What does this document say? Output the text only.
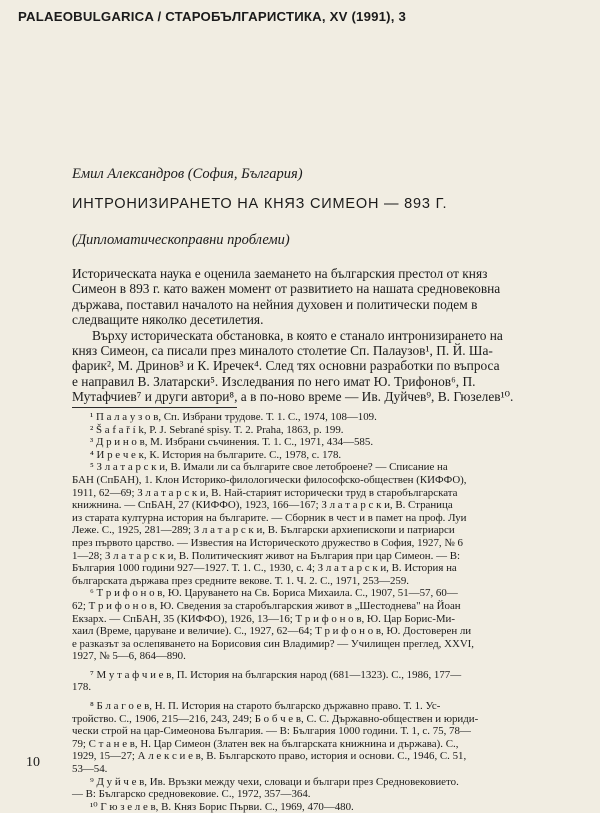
PALAEOBULGARICA / СТАРОБЪЛГАРИСТИКА, XV (1991), 3
Емил Александров (София, България)
ИНТРОНИЗИРАНЕТО НА КНЯЗ СИМЕОН — 893 Г.
(Дипломатическоправни проблеми)
Историческата наука е оценила заемането на българския престол от княз
Симеон в 893 г. като важен момент от развитието на нашата средновековна
държава, поставил началото на нейния духовен и политически подем в
следващите няколко десетилетия.
Върху историческата обстановка, в която е станало интронизирането на
княз Симеон, са писали през миналото столетие Сп. Палаузов¹, П. Й. Ша-
фарик², М. Дринов³ и К. Иречек⁴. След тях основни разработки по въпроса
е направил В. Златарски⁵. Изследвания по него имат Ю. Трифонов⁶, П.
Мутафчиев⁷ и други автори⁸, а в по-ново време — Ив. Дуйчев⁹, В. Гюзелев¹⁰.
¹ П а л а у з о в, Сп. Избрани трудове. Т. 1. С., 1974, 108—109.
² Š a f a ř í k, P. J. Sebrané spisy. T. 2. Praha, 1863, p. 199.
³ Д р и н о в, М. Избрани съчинения. Т. 1. С., 1971, 434—585.
⁴ И р е ч е к, К. История на българите. С., 1978, с. 178.
⁵ З л а т а р с к и, В. Имали ли са българите свое летоброене? — Списание на
БАН (СпБАН), 1. Клон Историко-филологически философско-обществен (КИФФО),
1911, 62—69; З л а т а р с к и, В. Най-старият исторически труд в старобългарската
книжнина. — СпБАН, 27 (КИФФО), 1923, 166—167; З л а т а р с к и, В. Страница
из старата културна история на българите. — Сборник в чест и в памет на проф. Луи
Леже. С., 1925, 281—289; З л а т а р с к и, В. Български архиепископи и патриарси
през първото царство. — Известия на Историческото дружество в София, 1927, № 6
1—28; З л а т а р с к и, В. Политическият живот на България при цар Симеон. — В:
България 1000 години 927—1927. Т. 1. С., 1930, с. 4; З л а т а р с к и, В. История на
българската държава през средните векове. Т. 1. Ч. 2. С., 1971, 253—259.
⁶ Т р и ф о н о в, Ю. Царуването на Св. Бориса Михаила. С., 1907, 51—57, 60—
62; Т р и ф о н о в, Ю. Сведения за старобългарския живот в „Шестоднева" на Йоан
Екзарх. — СпБАН, 35 (КИФФО), 1926, 13—16; Т р и ф о н о в, Ю. Цар Борис-Ми-
хаил (Време, царуване и величие). С., 1927, 62—64; Т р и ф о н о в, Ю. Достоверен ли
е разказът за ослепяването на Борисовия син Владимир? — Училищен преглед, XXVI,
1927, № 5—6, 864—890.
⁷ М у т а ф ч и е в, П. История на българския народ (681—1323). С., 1986, 177—
178.
⁸ Б л а г о е в, Н. П. История на старото българско държавно право. Т. 1. Ус-
тройство. С., 1906, 215—216, 243, 249; Б о б ч е в, С. С. Държавно-обществен и юриди-
чески строй на цар-Симеонова България. — В: България 1000 години. Т. 1, с. 75, 78—
79; С т а н е в, Н. Цар Симеон (Златен век на българската книжнина и държава). С.,
1929, 15—27; А л е к с и е в, В. Българското право, история и основи. С., 1946, С. 51,
53—54.
⁹ Д у й ч е в, Ив. Връзки между чехи, словаци и българи през Средновековието.
— В: Българско средновековие. С., 1972, 357—364.
¹⁰ Г ю з е л е в, В. Княз Борис Първи. С., 1969, 470—480.
10
